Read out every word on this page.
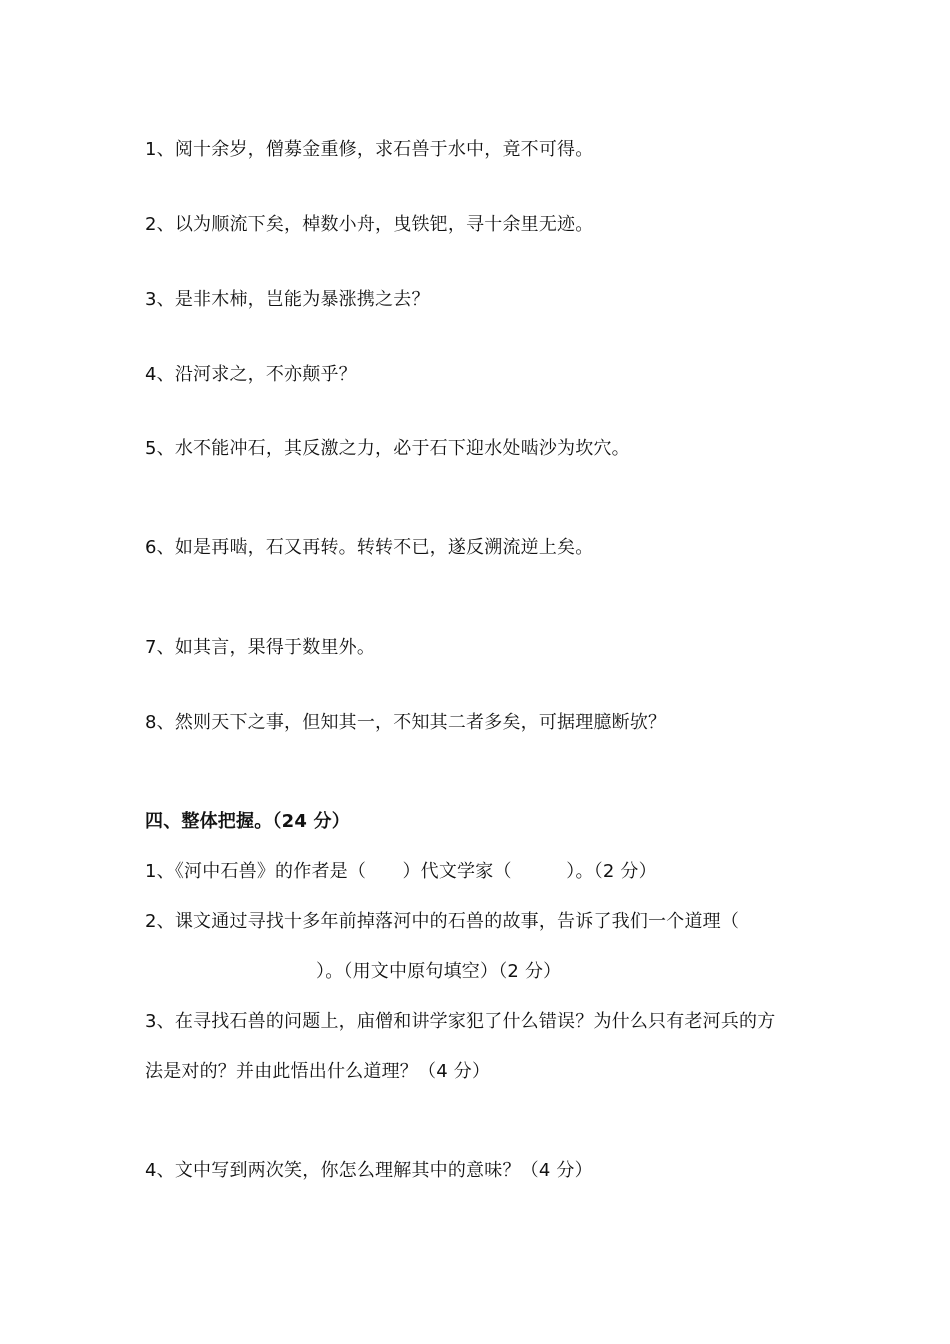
1、阅十余岁，僧募金重修，求石兽于水中，竟不可得。
2、以为顺流下矣，棹数小舟，曳铁钯，寻十余里无迹。
3、是非木柿，岂能为暴涨携之去？
4、沿河求之，不亦颠乎？
5、水不能冲石，其反激之力，必于石下迎水处啮沙为坎穴。
6、如是再啮，石又再转。转转不已，遂反溯流逆上矣。
7、如其言，果得于数里外。
8、然则天下之事，但知其一，不知其二者多矣，可据理臆断欤？
四、整体把握。（24 分）
1、《河中石兽》的作者是（　　）代文学家（　　　）。（2 分）
2、课文通过寻找十多年前掉落河中的石兽的故事，告诉了我们一个道理（
）。（用文中原句填空）（2 分）
3、在寻找石兽的问题上，庙僧和讲学家犯了什么错误？为什么只有老河兵的方
法是对的？并由此悟出什么道理？（4 分）
4、文中写到两次笑，你怎么理解其中的意味？（4 分）
